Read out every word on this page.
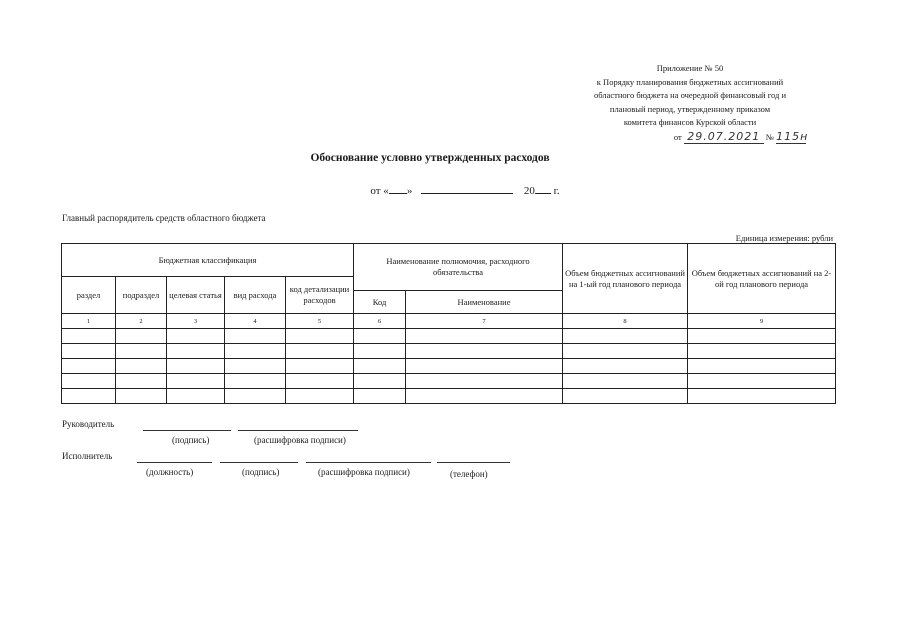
Приложение № 50
к Порядку планирования бюджетных ассигнований
областного бюджета на очередной финансовый год и
плановый период, утвержденному приказом
комитета финансов Курской области
от 29.07.2021 № 115н
Обоснование условно утвержденных расходов
от « »	20 г.
Главный распорядитель средств областного бюджета
Единица измерения: рубли
Бюджетная классификация					Наименование полномочия, расходного обязательства		Объем бюджетных ассигнований на 1-ый год планового периода	Объем бюджетных ассигнований на 2-ой год планового периода
раздел	подраздел	целевая статья	вид расхода	код детализации расходов				
					Код	Наименование		
1	2	3	4	5	6	7	8	9

Руководитель
(подпись)	(расшифровка подписи)
Исполнитель
(должность)	(подпись)	(расшифровка подписи)	(телефон)
